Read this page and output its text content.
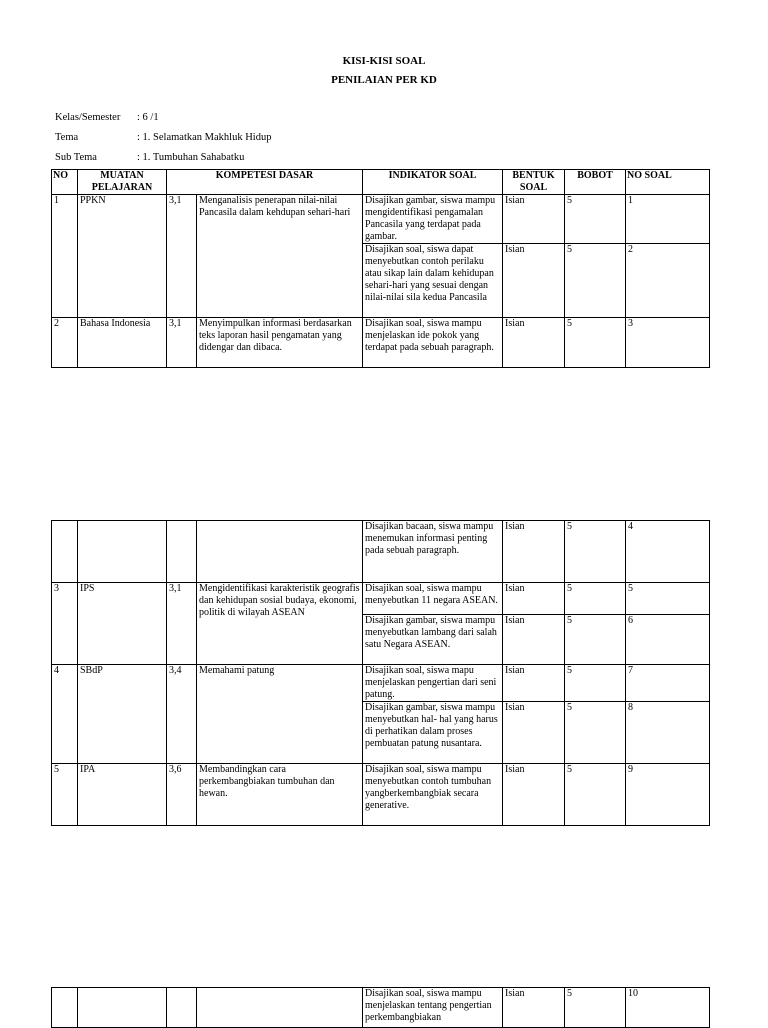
KISI-KISI SOAL
PENILAIAN PER KD
Kelas/Semester : 6 /1
Tema	: 1. Selamatkan Makhluk Hidup
Sub Tema	: 1. Tumbuhan Sahabatku
NO	MUATAN PELAJARAN	KOMPETESI DASAR		INDIKATOR SOAL	BENTUK SOAL	BOBOT	NO SOAL
1	PPKN	3,1	Menganalisis penerapan nilai-nilai Pancasila dalam kehdupan sehari-hari	Disajikan gambar, siswa mampu mengidentifikasi pengamalan Pancasila yang terdapat pada gambar.	Isian	5	1
				Disajikan soal, siswa dapat menyebutkan contoh perilaku atau sikap lain dalam kehidupan sehari-hari yang sesuai dengan nilai-nilai sila kedua Pancasila	Isian	5	2
2	Bahasa Indonesia	3,1	Menyimpulkan informasi berdasarkan teks laporan hasil pengamatan yang didengar dan dibaca.	Disajikan soal, siswa mampu menjelaskan ide pokok yang terdapat pada sebuah paragraph.	Isian	5	3
				Disajikan bacaan, siswa mampu menemukan informasi penting pada sebuah paragraph.	Isian	5	4
3	IPS	3,1	Mengidentifikasi karakteristik geografis dan kehidupan sosial budaya, ekonomi, politik di wilayah ASEAN	Disajikan soal, siswa mampu menyebutkan 11 negara ASEAN.	Isian	5	5
				Disajikan gambar, siswa mampu menyebutkan lambang dari salah satu Negara ASEAN.	Isian	5	6
4	SBdP	3,4	Memahami patung	Disajikan soal, siswa mapu menjelaskan pengertian dari seni patung.	Isian	5	7
				Disajikan gambar, siswa mampu menyebutkan hal- hal yang harus di perhatikan dalam proses pembuatan patung nusantara.	Isian	5	8
5	IPA	3,6	Membandingkan cara perkembangbiakan tumbuhan dan hewan.	Disajikan soal, siswa mampu menyebutkan contoh tumbuhan yangberkembangbiak secara generative.	Isian	5	9
				Disajikan soal, siswa mampu menjelaskan tentang pengertian perkembangbiakan	Isian	5	10
